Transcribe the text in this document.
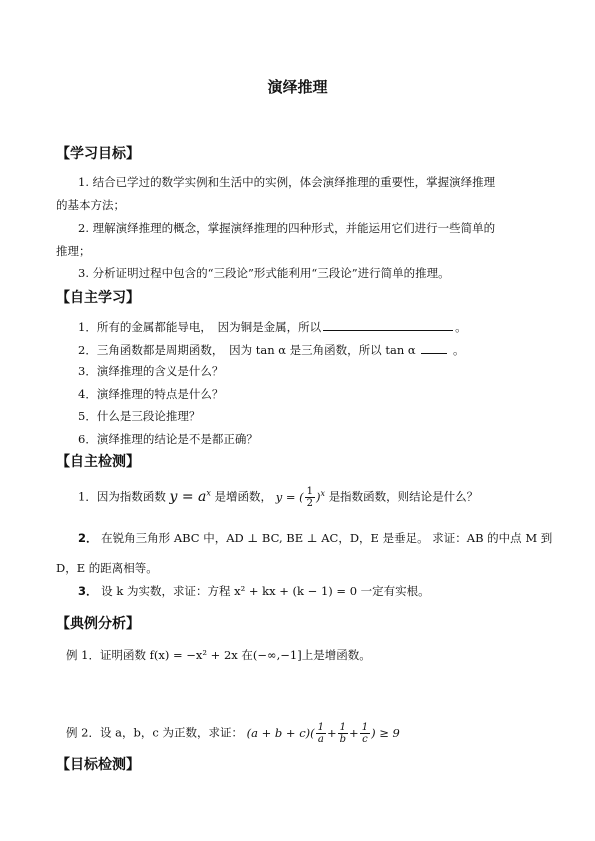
演绎推理
【学习目标】
1. 结合已学过的数学实例和生活中的实例，体会演绎推理的重要性，掌握演绎推理
的基本方法；
2. 理解演绎推理的概念，掌握演绎推理的四种形式，并能运用它们进行一些简单的
推理；
3. 分析证明过程中包含的“三段论”形式能利用“三段论”进行简单的推理。
【自主学习】
1．所有的金属都能导电，　因为铜是金属，所以	。
2．三角函数都是周期函数，　因为 tan α 是三角函数，所以 tan α	。
3．演绎推理的含义是什么？
4．演绎推理的特点是什么？
5．什么是三段论推理？
6．演绎推理的结论是不是都正确？
【自主检测】
1．因为指数函数 $y = a^x$ 是增函数， y = ( $\frac{1}{2} )^x$ 是指数函数，则结论是什么？
2． 在锐角三角形 ABC 中，AD ⊥ BC, BE ⊥ AC，D，E 是垂足。 求证：AB 的中点 M 到
D，E 的距离相等。
3． 设 k 为实数，求证：方程 x² + kx + (k − 1) = 0 一定有实根。
【典例分析】
例 1．证明函数 f(x) = −x² + 2x 在(−∞,−1]上是增函数。
例 2．设 a，b，c 为正数，求证： $(a + b + c)( \frac{1}{a} + \frac{1}{b} + \frac{1}{c}$ ) ≥ 9
【目标检测】
